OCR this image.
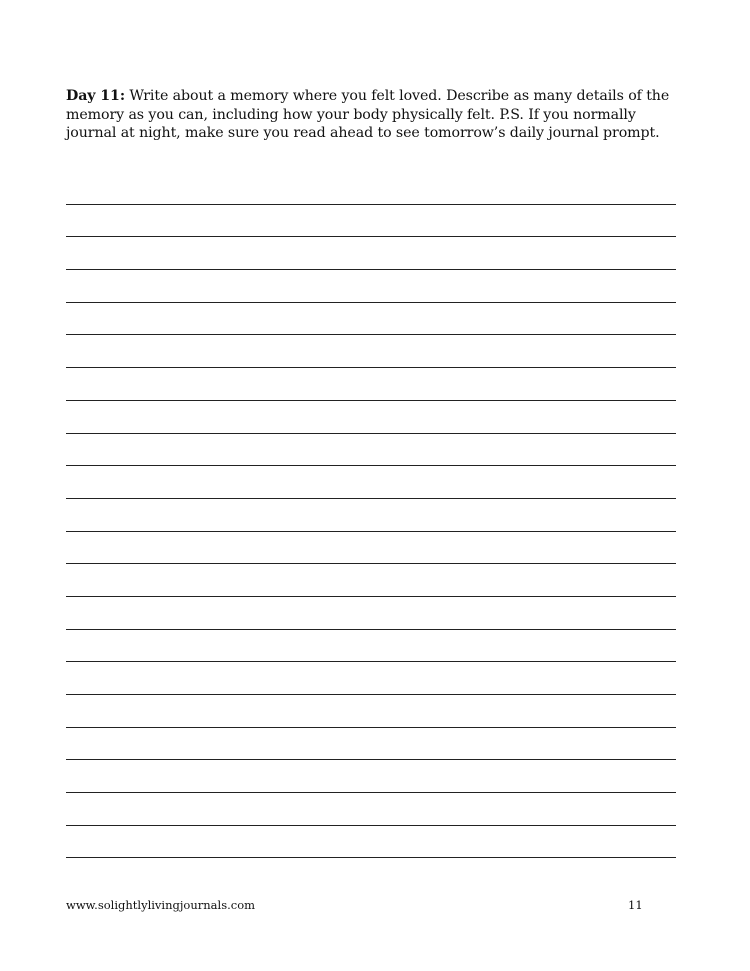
Day 11: Write about a memory where you felt loved. Describe as many details of the memory as you can, including how your body physically felt. P.S. If you normally journal at night, make sure you read ahead to see tomorrow’s daily journal prompt.
www.solightlylivingjournals.com	11
